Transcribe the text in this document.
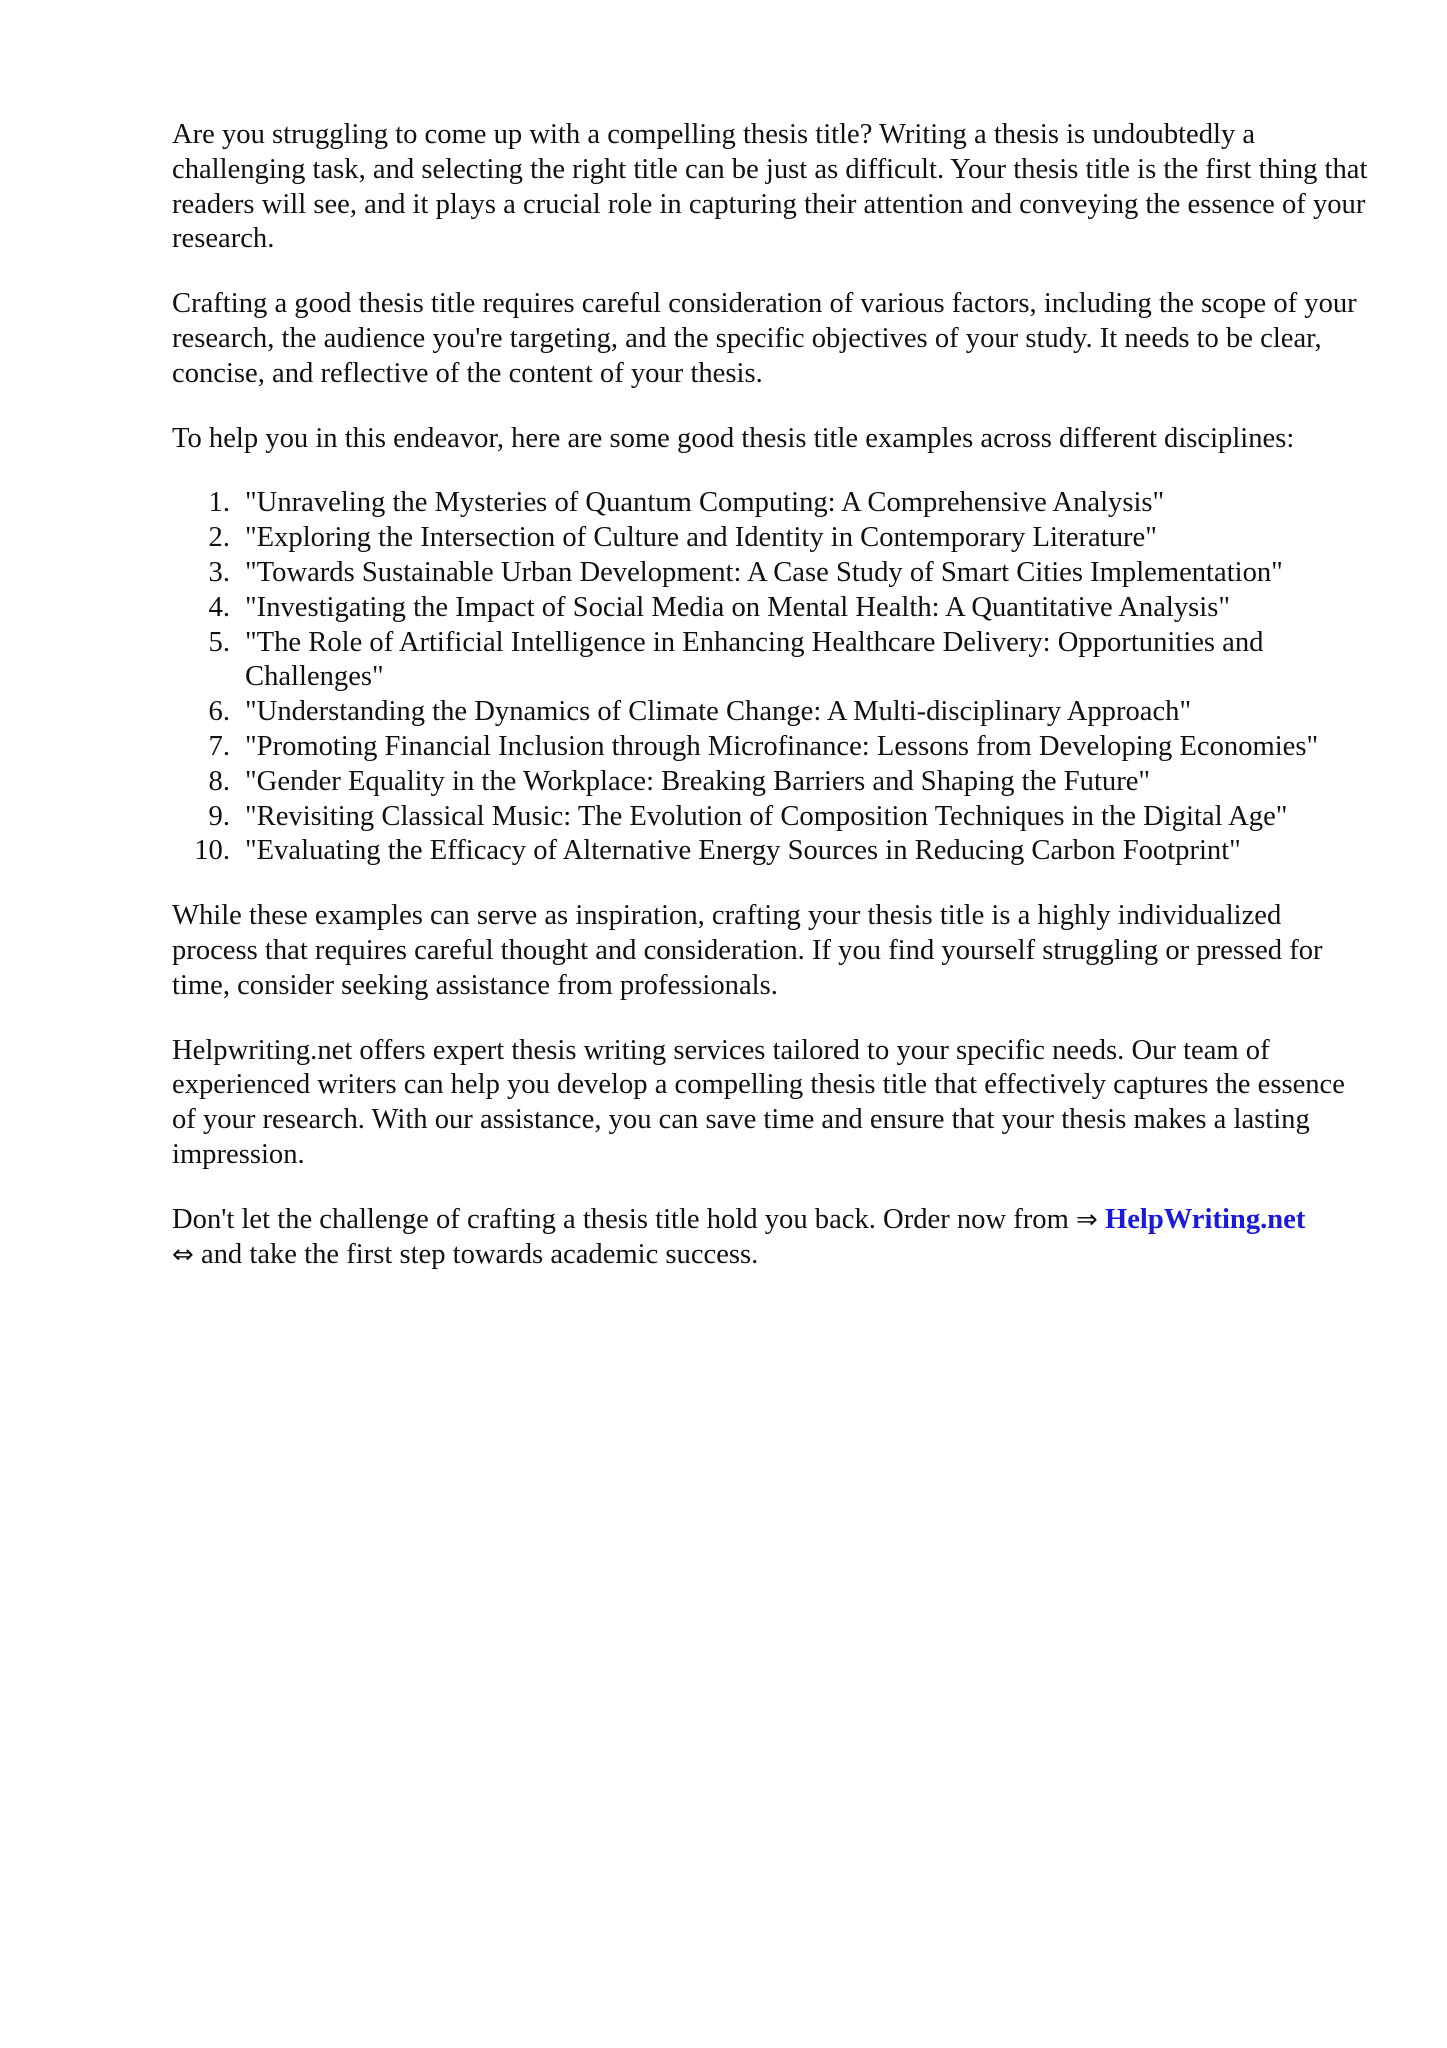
Are you struggling to come up with a compelling thesis title? Writing a thesis is undoubtedly a challenging task, and selecting the right title can be just as difficult. Your thesis title is the first thing that readers will see, and it plays a crucial role in capturing their attention and conveying the essence of your research.

Crafting a good thesis title requires careful consideration of various factors, including the scope of your research, the audience you're targeting, and the specific objectives of your study. It needs to be clear, concise, and reflective of the content of your thesis.

To help you in this endeavor, here are some good thesis title examples across different disciplines:

1. "Unraveling the Mysteries of Quantum Computing: A Comprehensive Analysis"
2. "Exploring the Intersection of Culture and Identity in Contemporary Literature"
3. "Towards Sustainable Urban Development: A Case Study of Smart Cities Implementation"
4. "Investigating the Impact of Social Media on Mental Health: A Quantitative Analysis"
5. "The Role of Artificial Intelligence in Enhancing Healthcare Delivery: Opportunities and Challenges"
6. "Understanding the Dynamics of Climate Change: A Multi-disciplinary Approach"
7. "Promoting Financial Inclusion through Microfinance: Lessons from Developing Economies"
8. "Gender Equality in the Workplace: Breaking Barriers and Shaping the Future"
9. "Revisiting Classical Music: The Evolution of Composition Techniques in the Digital Age"
10. "Evaluating the Efficacy of Alternative Energy Sources in Reducing Carbon Footprint"

While these examples can serve as inspiration, crafting your thesis title is a highly individualized process that requires careful thought and consideration. If you find yourself struggling or pressed for time, consider seeking assistance from professionals.

Helpwriting.net offers expert thesis writing services tailored to your specific needs. Our team of experienced writers can help you develop a compelling thesis title that effectively captures the essence of your research. With our assistance, you can save time and ensure that your thesis makes a lasting impression.

Don't let the challenge of crafting a thesis title hold you back. Order now from ⇒ HelpWriting.net
⇔ and take the first step towards academic success.
